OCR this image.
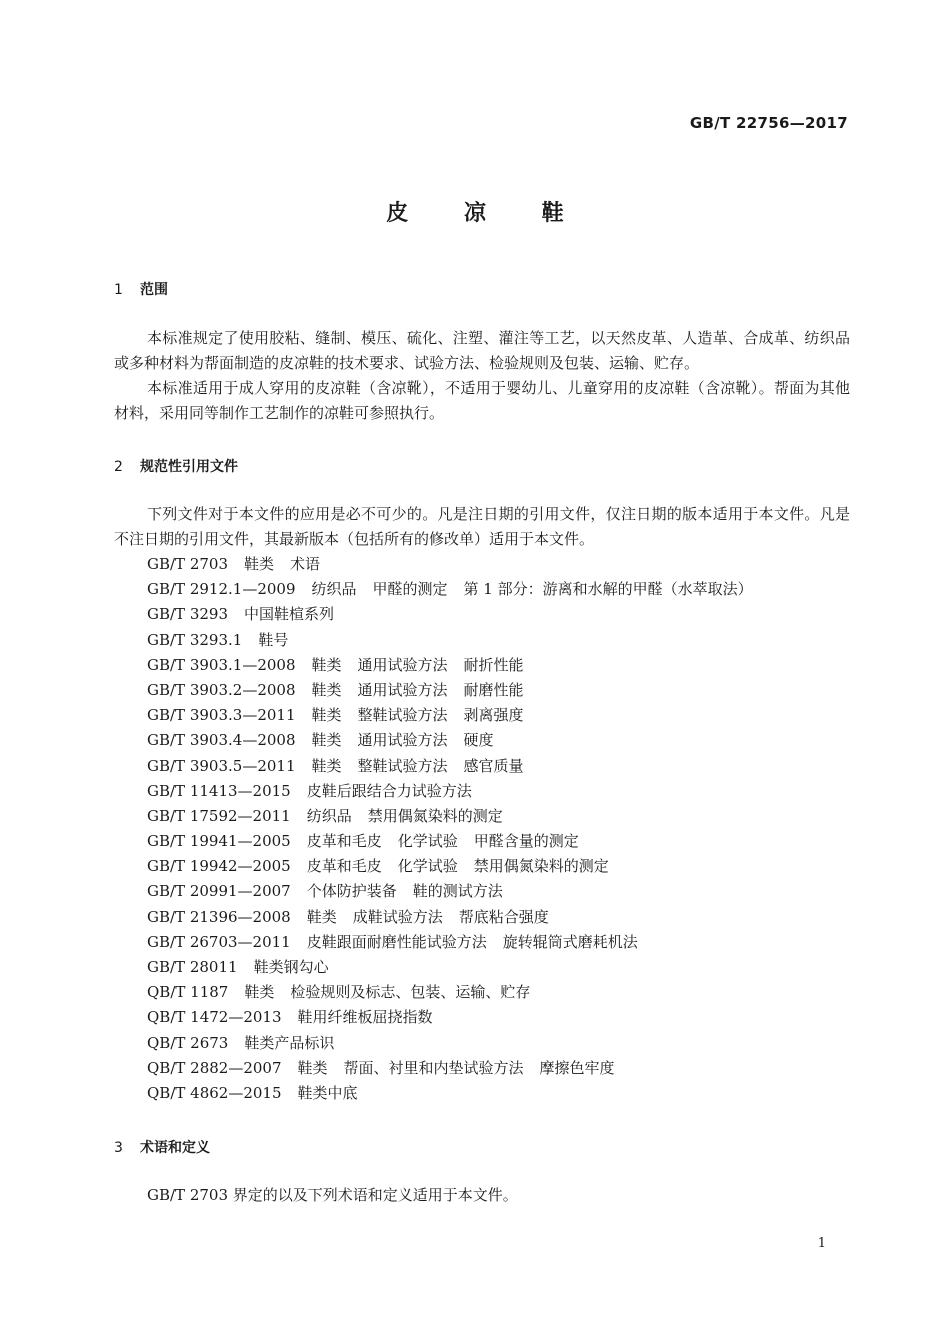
GB/T 22756—2017
皮	凉	鞋
1 范围
本标准规定了使用胶粘、缝制、模压、硫化、注塑、灌注等工艺，以天然皮革、人造革、合成革、纺织品或多种材料为帮面制造的皮凉鞋的技术要求、试验方法、检验规则及包装、运输、贮存。
本标准适用于成人穿用的皮凉鞋（含凉靴），不适用于婴幼儿、儿童穿用的皮凉鞋（含凉靴）。帮面为其他材料，采用同等制作工艺制作的凉鞋可参照执行。
2 规范性引用文件
下列文件对于本文件的应用是必不可少的。凡是注日期的引用文件，仅注日期的版本适用于本文件。凡是不注日期的引用文件，其最新版本（包括所有的修改单）适用于本文件。
GB/T 2703 鞋类 术语
GB/T 2912.1—2009 纺织品 甲醛的测定 第 1 部分：游离和水解的甲醛（水萃取法）
GB/T 3293 中国鞋楦系列
GB/T 3293.1 鞋号
GB/T 3903.1—2008 鞋类 通用试验方法 耐折性能
GB/T 3903.2—2008 鞋类 通用试验方法 耐磨性能
GB/T 3903.3—2011 鞋类 整鞋试验方法 剥离强度
GB/T 3903.4—2008 鞋类 通用试验方法 硬度
GB/T 3903.5—2011 鞋类 整鞋试验方法 感官质量
GB/T 11413—2015 皮鞋后跟结合力试验方法
GB/T 17592—2011 纺织品 禁用偶氮染料的测定
GB/T 19941—2005 皮革和毛皮 化学试验 甲醛含量的测定
GB/T 19942—2005 皮革和毛皮 化学试验 禁用偶氮染料的测定
GB/T 20991—2007 个体防护装备 鞋的测试方法
GB/T 21396—2008 鞋类 成鞋试验方法 帮底粘合强度
GB/T 26703—2011 皮鞋跟面耐磨性能试验方法 旋转辊筒式磨耗机法
GB/T 28011 鞋类钢勾心
QB/T 1187 鞋类 检验规则及标志、包装、运输、贮存
QB/T 1472—2013 鞋用纤维板屈挠指数
QB/T 2673 鞋类产品标识
QB/T 2882—2007 鞋类 帮面、衬里和内垫试验方法 摩擦色牢度
QB/T 4862—2015 鞋类中底
3 术语和定义
GB/T 2703 界定的以及下列术语和定义适用于本文件。
1
